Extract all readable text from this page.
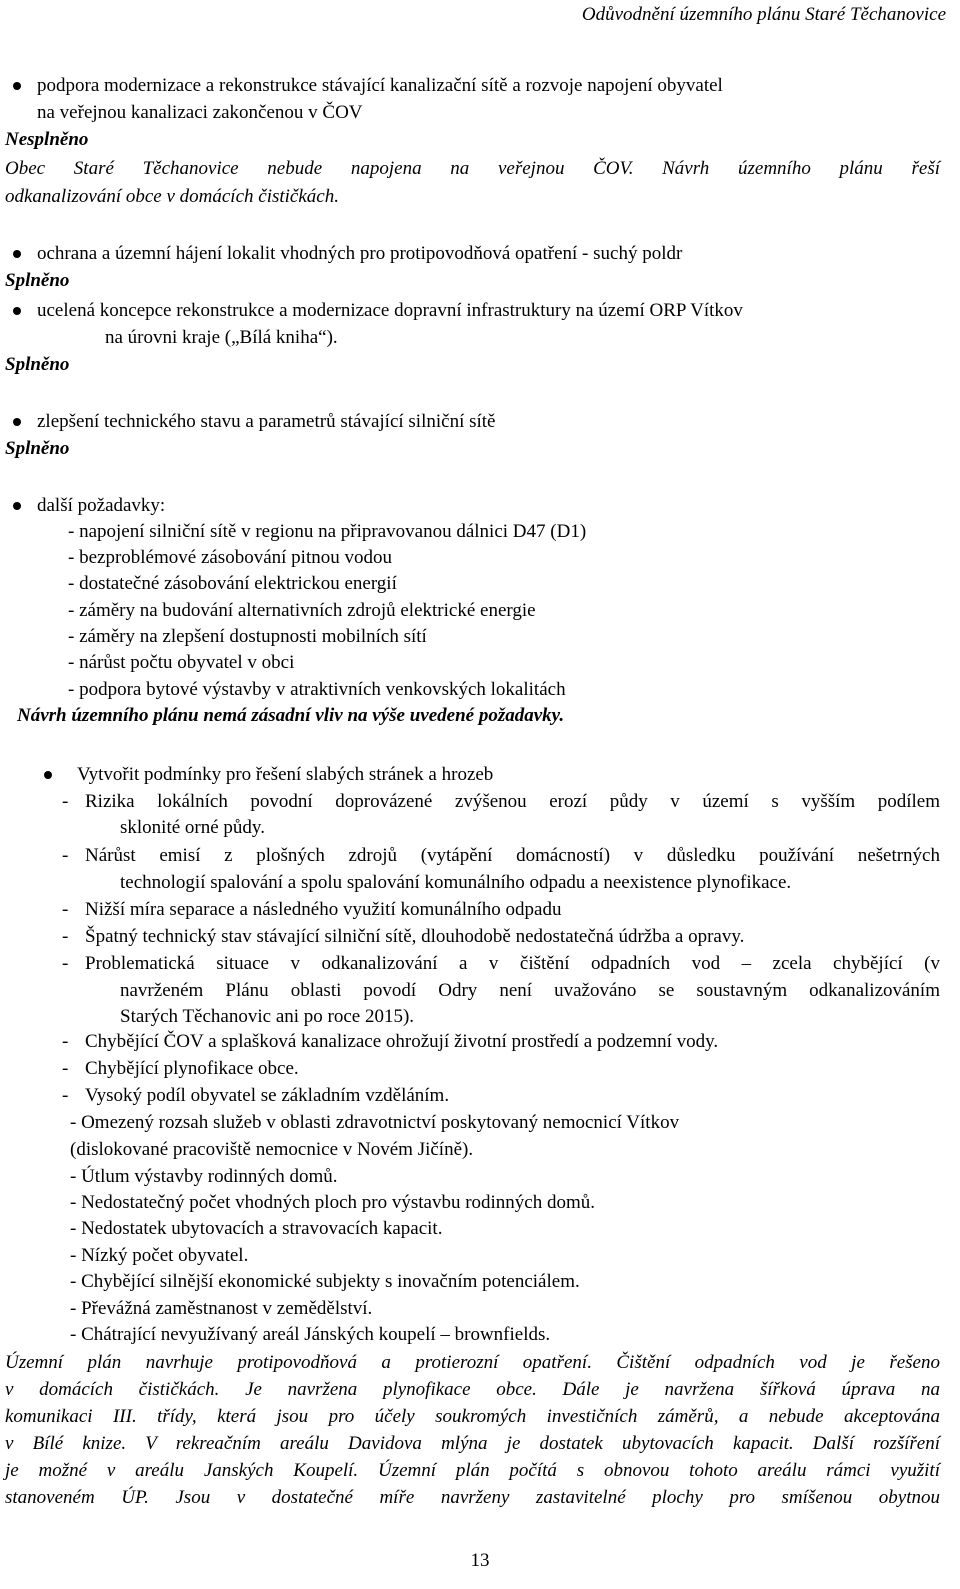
Odůvodnění územního plánu Staré Těchanovice
podpora modernizace a rekonstrukce stávající kanalizační sítě a rozvoje napojení obyvatel
na veřejnou kanalizaci zakončenou v ČOV
Nesplněno
Obec Staré Těchanovice nebude napojena na veřejnou ČOV. Návrh územního plánu řeší
odkanalizování obce v domácích čističkách.
ochrana a územní hájení lokalit vhodných pro protipovodňová opatření - suchý poldr
Splněno
ucelená koncepce rekonstrukce a modernizace dopravní infrastruktury na území ORP Vítkov
na úrovni kraje („Bílá kniha“).
Splněno
zlepšení technického stavu a parametrů stávající silniční sítě
Splněno
další požadavky:
- napojení silniční sítě v regionu na připravovanou dálnici D47 (D1)
- bezproblémové zásobování pitnou vodou
- dostatečné zásobování elektrickou energií
- záměry na budování alternativních zdrojů elektrické energie
- záměry na zlepšení dostupnosti mobilních sítí
- nárůst počtu obyvatel v obci
- podpora bytové výstavby v atraktivních venkovských lokalitách
Návrh územního plánu nemá zásadní vliv na výše uvedené požadavky.
Vytvořit podmínky pro řešení slabých stránek a hrozeb
- Rizika lokálních povodní doprovázené zvýšenou erozí půdy v území s vyšším podílem
sklonité orné půdy.
- Nárůst emisí z plošných zdrojů (vytápění domácností) v důsledku používání nešetrných
technologií spalování a spolu spalování komunálního odpadu a neexistence plynofikace.
- Nižší míra separace a následného využití komunálního odpadu
- Špatný technický stav stávající silniční sítě, dlouhodobě nedostatečná údržba a opravy.
- Problematická situace v odkanalizování a v čištění odpadních vod – zcela chybějící (v
navrženém Plánu oblasti povodí Odry není uvažováno se soustavným odkanalizováním
Starých Těchanovic ani po roce 2015).
- Chybějící ČOV a splašková kanalizace ohrožují životní prostředí a podzemní vody.
- Chybějící plynofikace obce.
- Vysoký podíl obyvatel se základním vzděláním.
- Omezený rozsah služeb v oblasti zdravotnictví poskytovaný nemocnicí Vítkov
(dislokované pracoviště nemocnice v Novém Jičíně).
- Útlum výstavby rodinných domů.
- Nedostatečný počet vhodných ploch pro výstavbu rodinných domů.
- Nedostatek ubytovacích a stravovacích kapacit.
- Nízký počet obyvatel.
- Chybějící silnější ekonomické subjekty s inovačním potenciálem.
- Převážná zaměstnanost v zemědělství.
- Chátrající nevyužívaný areál Jánských koupelí – brownfields.
Územní plán navrhuje protipovodňová a protierozní opatření. Čištění odpadních vod je řešeno
v domácích čističkách. Je navržena plynofikace obce. Dále je navržena šířková úprava na
komunikaci III. třídy, která jsou pro účely soukromých investičních záměrů, a nebude akceptována
v Bílé knize. V rekreačním areálu Davidova mlýna je dostatek ubytovacích kapacit. Další rozšíření
je možné v areálu Janských Koupelí. Územní plán počítá s obnovou tohoto areálu rámci využití
stanoveném ÚP. Jsou v dostatečné míře navrženy zastavitelné plochy pro smíšenou obytnou
13
